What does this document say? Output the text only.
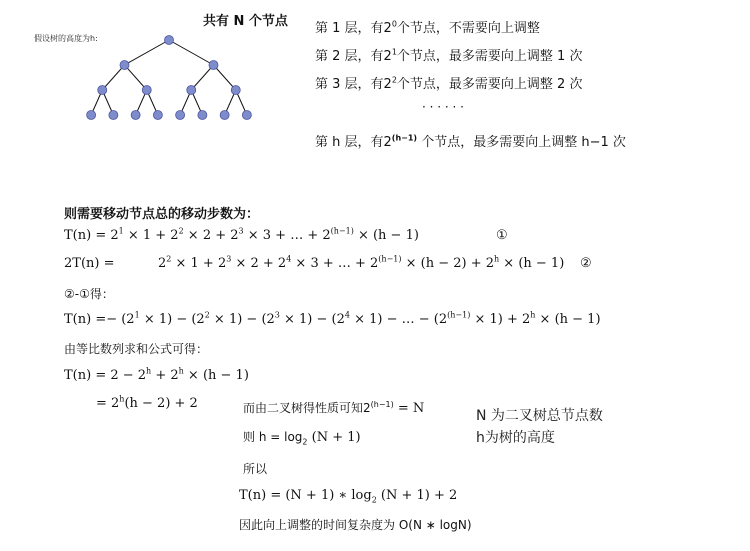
共有 N 个节点
假设树的高度为h:
第 1 层，有$2^0$个节点，不需要向上调整
第 2 层，有$2^1$个节点，最多需要向上调整 1 次
第 3 层，有$2^2$个节点，最多需要向上调整 2 次
· · · · · ·
第 h 层，有$2^{(h-1)}$ 个节点，最多需要向上调整 h−1 次
则需要移动节点总的移动步数为：
$T(n) = 2^1 \times 1 + 2^2 \times 2 + 2^3 \times 3$ + … + $2^{(h-1)} \times (h - 1)$	①
2T(n) =	$2^2 \times 1 + 2^3 \times 2 + 2^4 \times 3$ + … + $2^{(h-1)} \times (h - 2) + 2^h \times (h - 1)$ ②
②-①得：
$T(n) =- (2^1 \times 1) - (2^2 \times 1) - (2^3 \times 1) - (2^4 \times 1)$ − … − $(2^{(h-1)} \times 1) + 2^h \times (h - 1)$
由等比数列求和公式可得：
$T(n) = 2 - 2^h + 2^h \times (h - 1)$
= $2^h(h - 2) + 2$	而由二叉树得性质可知$2^{(h-1)} = N$
则 $h = \log_2 (N + 1)$
N 为二叉树总节点数
h为树的高度
所以
T(n) = (N + 1) ∗ $\log_2 (N + 1) + 2$
因此向上调整的时间复杂度为 O(N ∗ logN)
